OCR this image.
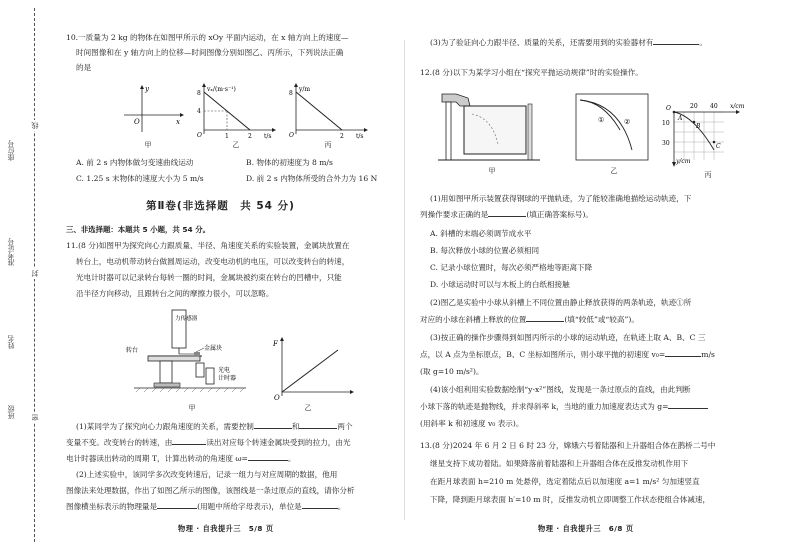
座位号
准考证号
姓名
班级
线
封
密
10.一质量为 2 kg 的物体在如图甲所示的 xOy 平面内运动，在 x 轴方向上的速度—
时间图像和在 y 轴方向上的位移—时间图像分别如图乙、丙所示，下列说法正确
的是
y
x
O
甲
vₓ/(m·s⁻¹)
8
4
O	1	2 t/s
乙
y/m
8
O	2 t/s
丙
A. 前 2 s 内物体做匀变速曲线运动	B. 物体的初速度为 8 m/s
C. 1.25 s 末物体的速度大小为 5 m/s	D. 前 2 s 内物体所受的合外力为 16 N
第Ⅱ卷(非选择题　共 54 分)
三、非选择题：本题共 5 小题，共 54 分。
11.(8 分)如图甲为探究向心力跟质量、半径、角速度关系的实验装置，金属块放置在
转台上，电动机带动转台做圆周运动，改变电动机的电压，可以改变转台的转速，
光电计时器可以记录转台每转一圈的时间，金属块被约束在转台的凹槽中，只能
沿半径方向移动，且跟转台之间的摩擦力很小，可以忽略。
力传感器
金属块
转台
光电
计时器
甲
F
O
乙
(1)某同学为了探究向心力跟角速度的关系，需要控制	和	两个
变量不变。改变转台的转速，由	读出对应每个转速金属块受到的拉力，由光
电计时器读出转动的周期 T，计算出转动的角速度 ω=	。
(2)上述实验中，该同学多次改变转速后，记录一组力与对应周期的数据，他用
图像法来处理数据，作出了如图乙所示的图像，该图线是一条过原点的直线，请你分析
图像横坐标表示的物理量是	(用题中所给字母表示)，单位是	。
物理 · 自我提升三　5/8 页
(3)为了验证向心力跟半径、质量的关系，还需要用到的实验器材有	。
12.(8 分)以下为某学习小组在“探究平抛运动规律”时的实验操作。
甲
①	②
乙
O	20 40 x/cm
10
30
y/cm
A
B
C
丙
(1)用如图甲所示装置获得钢球的平抛轨迹，为了能较准确地描绘运动轨迹，下
列操作要求正确的是	(填正确答案标号)。
A. 斜槽的末端必须调节成水平
B. 每次释放小球的位置必须相同
C. 记录小球位置时，每次必须严格地等距离下降
D. 小球运动时可以与木板上的白纸相接触
(2)图乙是实验中小球从斜槽上不同位置由静止释放获得的两条轨迹，轨迹①所
对应的小球在斜槽上释放的位置	(填“较低”或“较高”)。
(3)按正确的操作步骤得到如图丙所示的小球的运动轨迹，在轨迹上取 A、B、C 三
点，以 A 点为坐标原点，B、C 坐标如图所示，则小球平抛的初速度 v₀=	m/s
(取 g=10 m/s²)。
(4)该小组利用实验数据绘制“y-x²”图线，发现是一条过原点的直线，由此判断
小球下落的轨迹是抛物线，并求得斜率 k，当地的重力加速度表达式为 g=
(用斜率 k 和初速度 v₀ 表示)。
13.(8 分)2024 年 6 月 2 日 6 时 23 分，嫦娥六号着陆器和上升器组合体在鹊桥二号中
继星支持下成功着陆。如果降落前着陆器和上升器组合体在反推发动机作用下
在距月球表面 h=210 m 处悬停，选定着陆点后以加速度 a=1 m/s² 匀加速竖直
下降，降到距月球表面 h′=10 m 时，反推发动机立即调整工作状态使组合体减速，
物理 · 自我提升三　6/8 页
